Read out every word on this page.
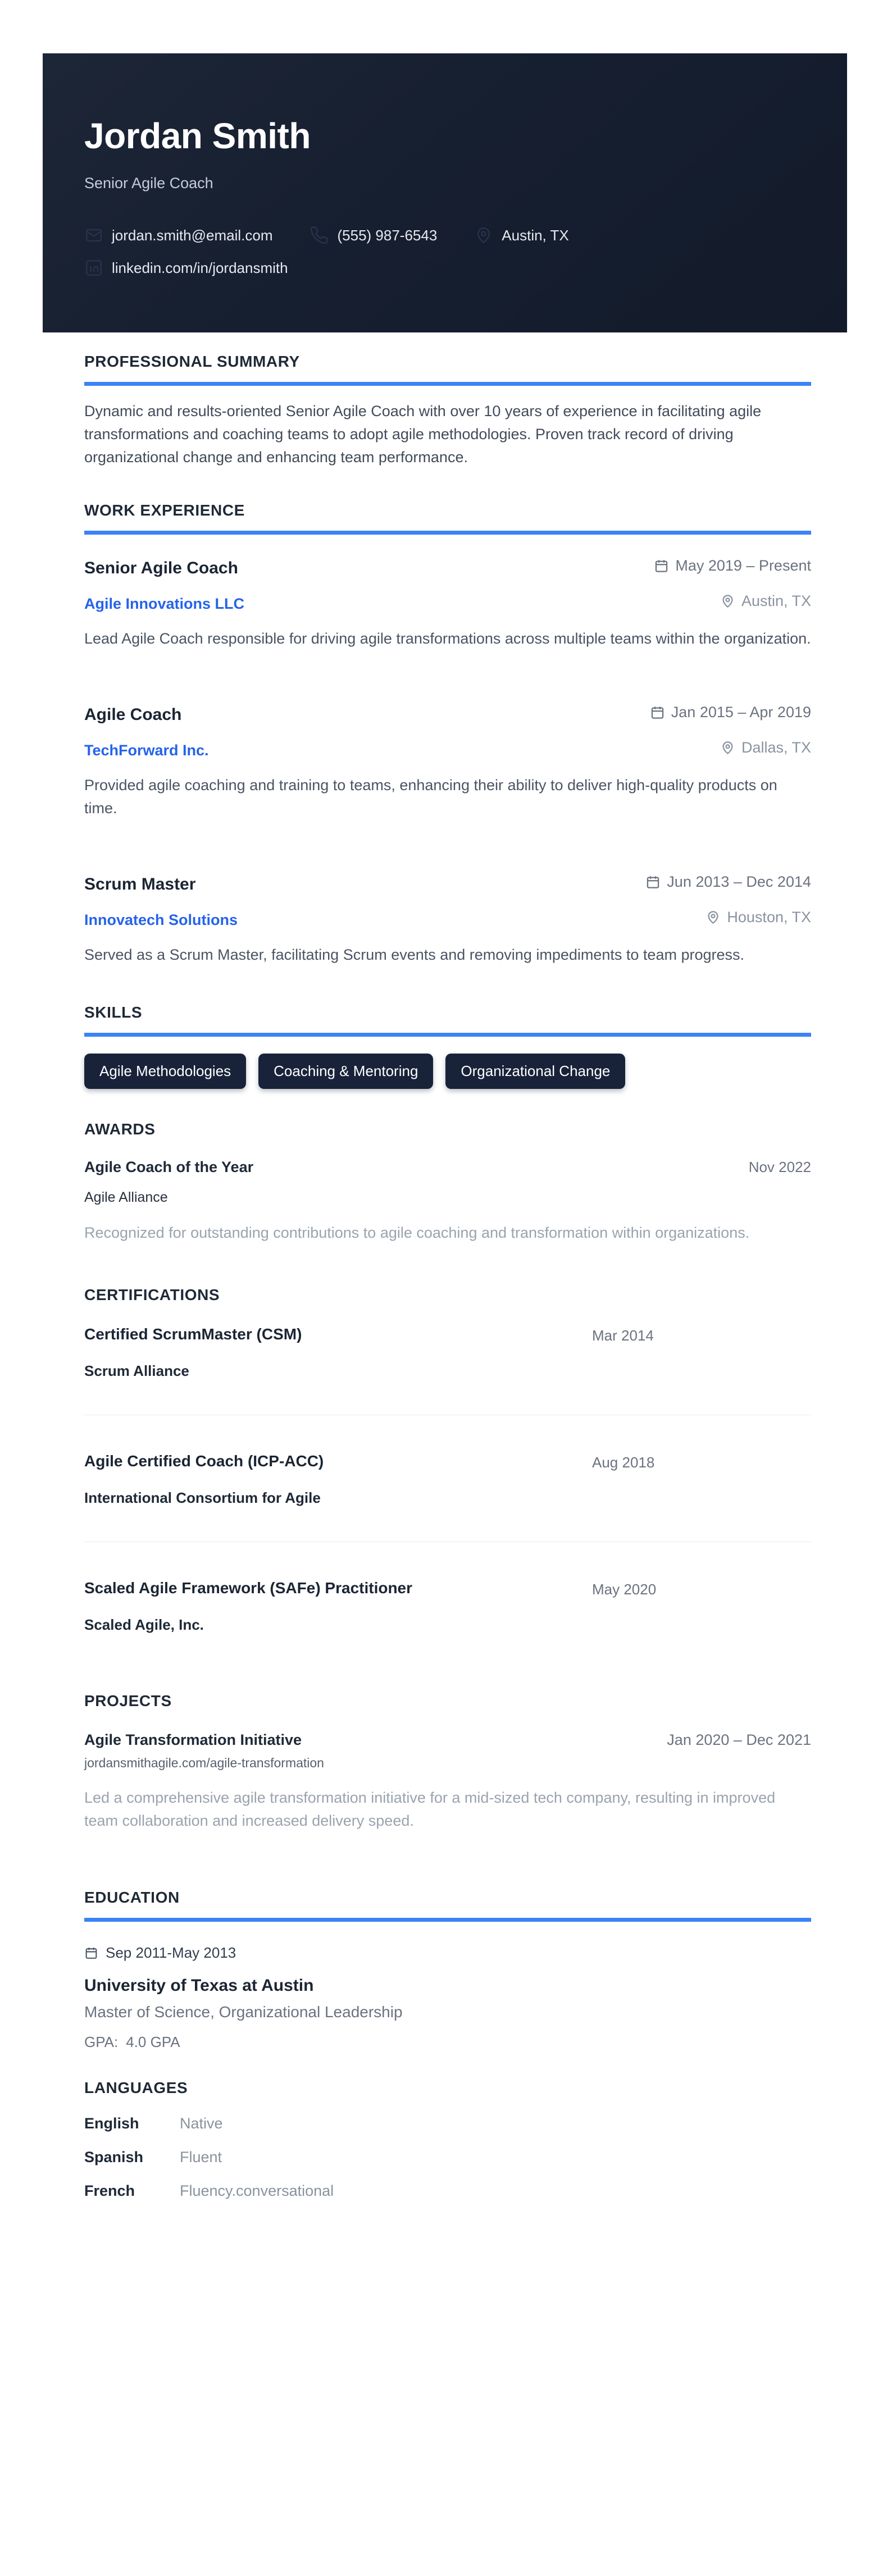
Jordan Smith
Senior Agile Coach
jordan.smith@email.com	(555) 987-6543	Austin, TX
linkedin.com/in/jordansmith
PROFESSIONAL SUMMARY

Dynamic and results-oriented Senior Agile Coach with over 10 years of experience in facilitating agile transformations and coaching teams to adopt agile methodologies. Proven track record of driving organizational change and enhancing team performance.

WORK EXPERIENCE
Senior Agile Coach	May 2019 – Present
Agile Innovations LLC	Austin, TX

Lead Agile Coach responsible for driving agile transformations across multiple teams within the organization.

Agile Coach	Jan 2015 – Apr 2019
TechForward Inc.	Dallas, TX

Provided agile coaching and training to teams, enhancing their ability to deliver high-quality products on time.

Scrum Master	Jun 2013 – Dec 2014
Innovatech Solutions	Houston, TX

Served as a Scrum Master, facilitating Scrum events and removing impediments to team progress.

SKILLS
Agile Methodologies	Coaching & Mentoring	Organizational Change
AWARDS
Agile Coach of the Year	Nov 2022
Agile Alliance

Recognized for outstanding contributions to agile coaching and transformation within organizations.

CERTIFICATIONS
Certified ScrumMaster (CSM)	Mar 2014
Scrum Alliance
Agile Certified Coach (ICP-ACC)	Aug 2018
International Consortium for Agile
Scaled Agile Framework (SAFe) Practitioner	May 2020
Scaled Agile, Inc.
PROJECTS
Agile Transformation Initiative	Jan 2020 – Dec 2021
jordansmithagile.com/agile-transformation

Led a comprehensive agile transformation initiative for a mid-sized tech company, resulting in improved team collaboration and increased delivery speed.

EDUCATION
Sep 2011-May 2013
University of Texas at Austin
Master of Science, Organizational Leadership
GPA: 4.0 GPA
LANGUAGES
English	Native
Spanish	Fluent
French	Fluency.conversational
